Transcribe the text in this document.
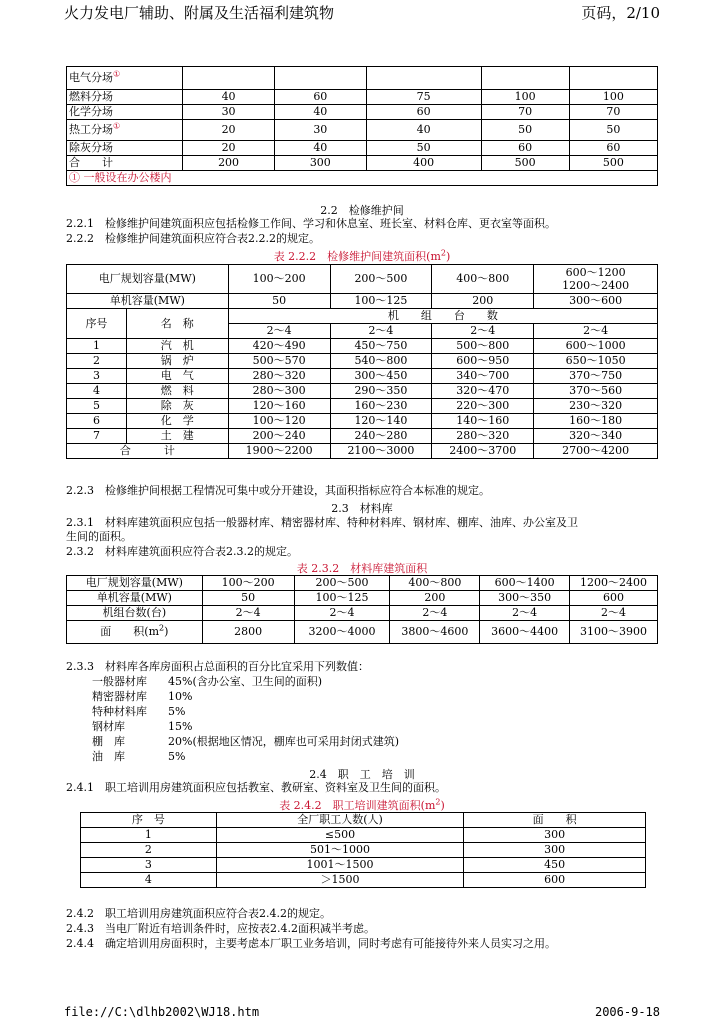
火力发电厂辅助、附属及生活福利建筑物	页码，2/10
电气分场①					
燃料分场	40	60	75	100	100
化学分场	30	40	60	70	70
热工分场①	20	30	40	50	50
除灰分场	20	40	50	60	60
合　　计	200	300	400	500	500
① 一般设在办公楼内					
2.2　检修维护间
2.2.1　检修维护间建筑面积应包括检修工作间、学习和休息室、班长室、材料仓库、更衣室等面积。
2.2.2　检修维护间建筑面积应符合表2.2.2的规定。
表 2.2.2　检修维护间建筑面积$(m^2)$
电厂规划容量(MW)		100～200	200～500	400～800	600～1200
1200～2400

单机容量(MW)		50	100～125	200	300～600
序号	名　称	机　　组　　台　　数			
		2～4	2～4	2～4	2～4
1	汽　机	420～490	450～750	500～800	600～1000
2	锅　炉	500～570	540～800	600～950	650～1050
3	电　气	280～320	300～450	340～700	370～750
4	燃　料	280～300	290～350	320～470	370～560
5	除　灰	120～160	160～230	220～300	230～320
6	化　学	100～120	120～140	140～160	160～180
7	土　建	200～240	240～280	280～320	320～340
合　　　计		1900～2200	2100～3000	2400～3700	2700～4200
2.2.3　检修维护间根据工程情况可集中或分开建设，其面积指标应符合本标准的规定。
2.3　材料库
2.3.1　材料库建筑面积应包括一般器材库、精密器材库、特种材料库、钢材库、棚库、油库、办公室及卫
生间的面积。
2.3.2　材料库建筑面积应符合表2.3.2的规定。
表 2.3.2　材料库建筑面积
电厂规划容量(MW)	100～200	200～500	400～800	600～1400	1200～2400
单机容量(MW)	50	100～125	200	300～350	600
机组台数(台)	2～4	2～4	2～4	2～4	2～4
面　　积$(m^2)$	2800	3200～4000	3800～4600	3600～4400	3100～3900
2.3.3　材料库各库房面积占总面积的百分比宜采用下列数值：
一般器材库 45%(含办公室、卫生间的面积)
精密器材库 10%
特种材料库 5%
钢材库	15%
棚　库	20%(根据地区情况，棚库也可采用封闭式建筑)
油　库	5%
2.4　职　工　培　训
2.4.1　职工培训用房建筑面积应包括教室、教研室、资料室及卫生间的面积。
表 2.4.2　职工培训建筑面积$(m^2)$
序　号	全厂职工人数(人)	面　　积
1	≤500	300
2	501～1000	300
3	1001～1500	450
4	＞1500	600
2.4.2　职工培训用房建筑面积应符合表2.4.2的规定。
2.4.3　当电厂附近有培训条件时，应按表2.4.2面积减半考虑。
2.4.4　确定培训用房面积时，主要考虑本厂职工业务培训，同时考虑有可能接待外来人员实习之用。
file://C:\dlhb2002\WJ18.htm	2006-9-18
